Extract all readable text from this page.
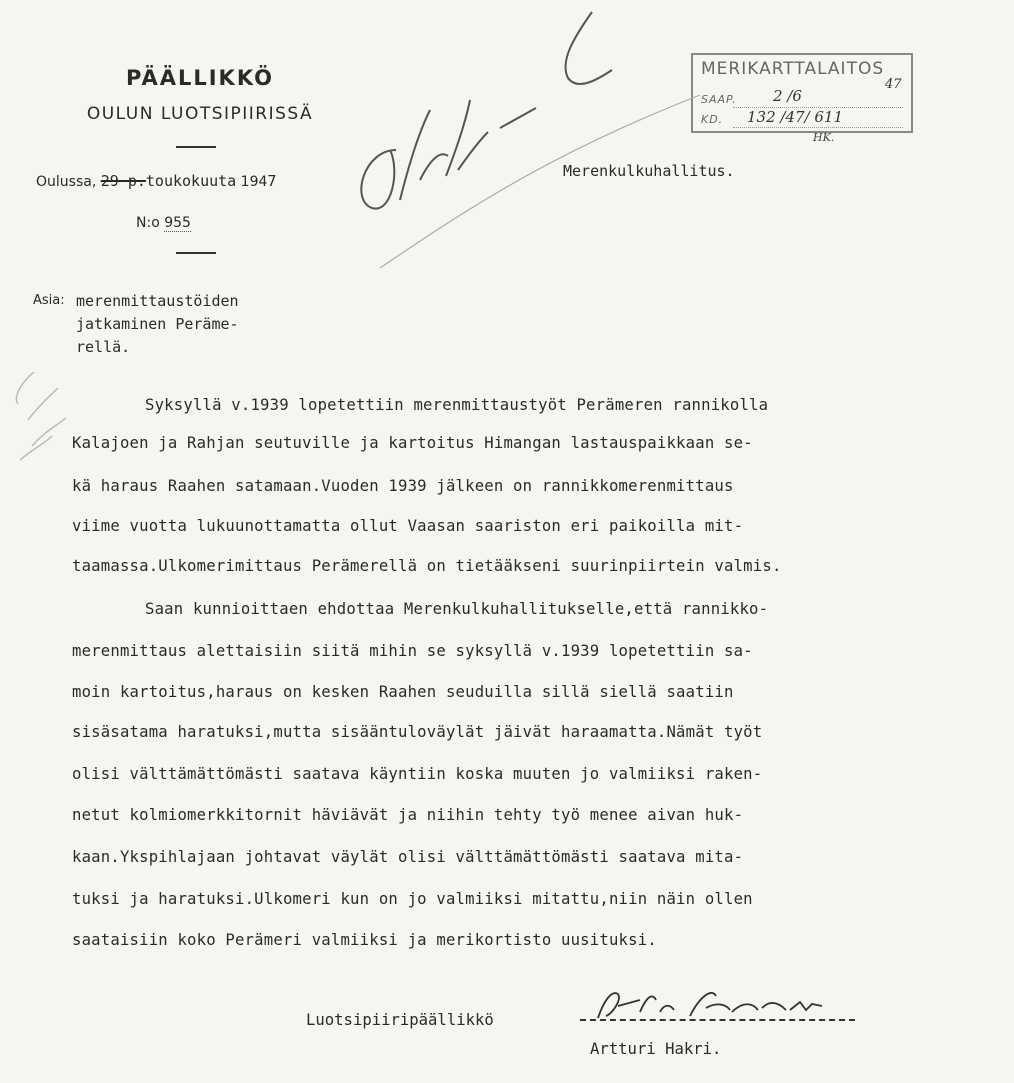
PÄÄLLIKKÖ
OULUN LUOTSIPIIRISSÄ
Oulussa, 29 p.toukokuuta 1947
N:o 955
Merenkulkuhallitus.
MERIKARTTALAITOS
SAAP. 2 /6
47
KD. 132 /47/ 611
HK.
Asia: merenmittaustöiden
jatkaminen Peräme-
rellä.
Syksyllä v.1939 lopetettiin merenmittaustyöt Perämeren rannikolla
Kalajoen ja Rahjan seutuville ja kartoitus Himangan lastauspaikkaan se-
kä haraus Raahen satamaan.Vuoden 1939 jälkeen on rannikkomerenmittaus
viime vuotta lukuunottamatta ollut Vaasan saariston eri paikoilla mit-
taamassa.Ulkomerimittaus Perämerellä on tietääkseni suurinpiirtein valmis.
Saan kunnioittaen ehdottaa Merenkulkuhallitukselle,että rannikko-
merenmittaus alettaisiin siitä mihin se syksyllä v.1939 lopetettiin sa-
moin kartoitus,haraus on kesken Raahen seuduilla sillä siellä saatiin
sisäsatama haratuksi,mutta sisääntuloväylät jäivät haraamatta.Nämät työt
olisi välttämättömästi saatava käyntiin koska muuten jo valmiiksi raken-
netut kolmiomerkkitornit häviävät ja niihin tehty työ menee aivan huk-
kaan.Ykspihlajaan johtavat väylät olisi välttämättömästi saatava mita-
tuksi ja haratuksi.Ulkomeri kun on jo valmiiksi mitattu,niin näin ollen
saataisiin koko Perämeri valmiiksi ja merikortisto uusituksi.
Luotsipiiripäällikkö
Artturi Hakri.
